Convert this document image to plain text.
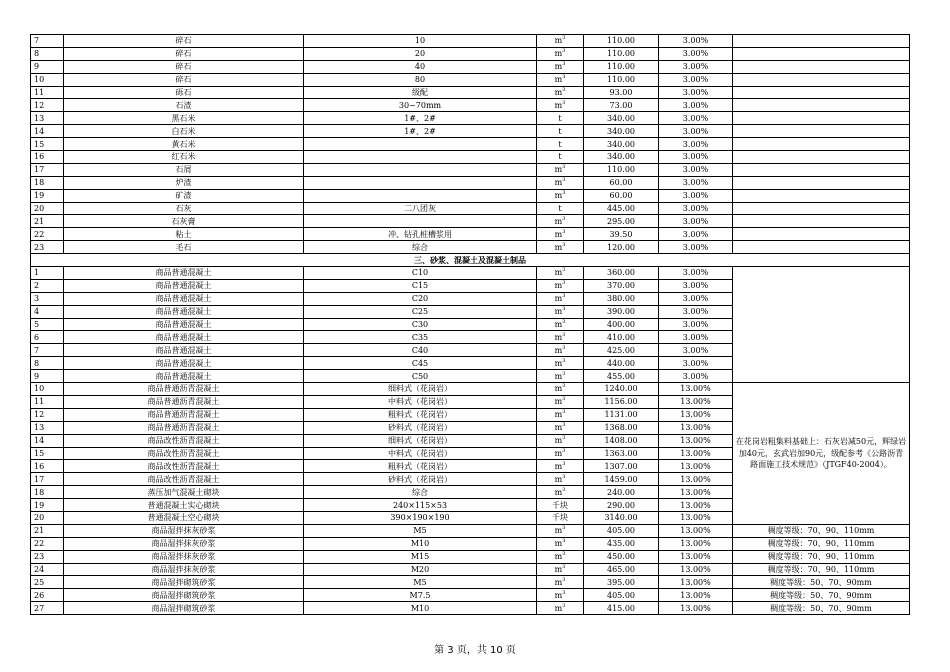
7	碎石	10	$m^3$	110.00	3.00%	
8	碎石	20	$m^3$	110.00	3.00%	
9	碎石	40	$m^3$	110.00	3.00%	
10	碎石	80	$m^3$	110.00	3.00%	
11	砾石	级配	$m^3$	93.00	3.00%	
12	石渣	30~70mm	$m^3$	73.00	3.00%	
13	黑石米	1#、2#	t	340.00	3.00%	
14	白石米	1#、2#	t	340.00	3.00%	
15	黄石米		t	340.00	3.00%	
16	红石米		t	340.00	3.00%	
17	石屑		$m^3$	110.00	3.00%	
18	炉渣		$m^3$	60.00	3.00%	
19	矿渣		$m^3$	60.00	3.00%	
20	石灰	二八团灰	t	445.00	3.00%	
21	石灰膏		$m^3$	295.00	3.00%	
22	粘土	冲、钻孔桩槽浆用	$m^3$	39.50	3.00%	
23	毛石	综合	$m^3$	120.00	3.00%	
三、砂浆、混凝土及混凝土制品						
1	商品普通混凝土	C10	$m^3$	360.00	3.00%	
2	商品普通混凝土	C15	$m^3$	370.00	3.00%	
3	商品普通混凝土	C20	$m^3$	380.00	3.00%	
4	商品普通混凝土	C25	$m^3$	390.00	3.00%	
5	商品普通混凝土	C30	$m^3$	400.00	3.00%	
6	商品普通混凝土	C35	$m^3$	410.00	3.00%	
7	商品普通混凝土	C40	$m^3$	425.00	3.00%	
8	商品普通混凝土	C45	$m^3$	440.00	3.00%	
9	商品普通混凝土	C50	$m^3$	455.00	3.00%	
10	商品普通沥青混凝土	细料式（花岗岩）	$m^3$	1240.00	13.00%	在花岗岩粗集料基础上：石灰岩减50元，辉绿岩加40元，玄武岩加90元，级配参考《公路沥青路面施工技术规范》（JTGF40-2004）。
11	商品普通沥青混凝土	中料式（花岗岩）	$m^3$	1156.00	13.00%	
12	商品普通沥青混凝土	粗料式（花岗岩）	$m^3$	1131.00	13.00%	
13	商品普通沥青混凝土	砂料式（花岗岩）	$m^3$	1368.00	13.00%	
14	商品改性沥青混凝土	细料式（花岗岩）	$m^3$	1408.00	13.00%	
15	商品改性沥青混凝土	中料式（花岗岩）	$m^3$	1363.00	13.00%	
16	商品改性沥青混凝土	粗料式（花岗岩）	$m^3$	1307.00	13.00%	
17	商品改性沥青混凝土	砂料式（花岗岩）	$m^3$	1459.00	13.00%	
18	蒸压加气混凝土砌块	综合	$m^3$	240.00	13.00%	
19	普通混凝土实心砌块	240×115×53	千块	290.00	13.00%	
20	普通混凝土空心砌块	390×190×190	千块	3140.00	13.00%	
21	商品湿拌抹灰砂浆	M5	$m^3$	405.00	13.00%	稠度等级：70、90、110mm
22	商品湿拌抹灰砂浆	M10	$m^3$	435.00	13.00%	稠度等级：70、90、110mm
23	商品湿拌抹灰砂浆	M15	$m^3$	450.00	13.00%	稠度等级：70、90、110mm
24	商品湿拌抹灰砂浆	M20	$m^3$	465.00	13.00%	稠度等级：70、90、110mm
25	商品湿拌砌筑砂浆	M5	$m^3$	395.00	13.00%	稠度等级：50、70、90mm
26	商品湿拌砌筑砂浆	M7.5	$m^3$	405.00	13.00%	稠度等级：50、70、90mm
27	商品湿拌砌筑砂浆	M10	$m^3$	415.00	13.00%	稠度等级：50、70、90mm
第 3 页，共 10 页
